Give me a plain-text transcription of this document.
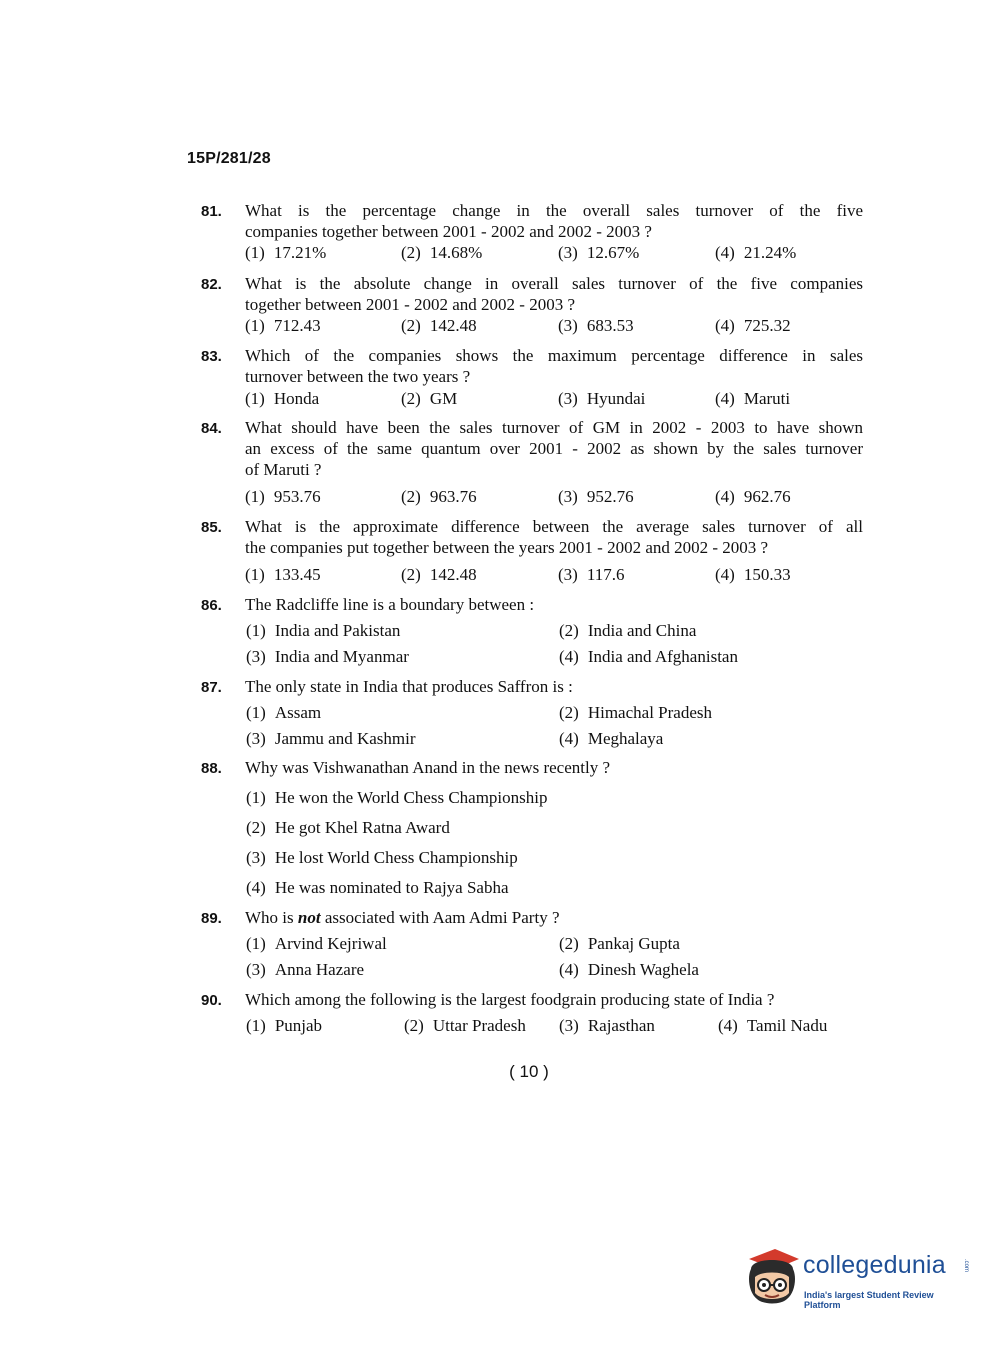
15P/281/28
81.	What is the percentage change in the overall sales turnover of the five
companies together between 2001 - 2002 and 2002 - 2003 ?
(1) 17.21%	(2) 14.68%	(3) 12.67%	(4) 21.24%
82.	What is the absolute change in overall sales turnover of the five companies
together between 2001 - 2002 and 2002 - 2003 ?
(1) 712.43	(2) 142.48	(3) 683.53	(4) 725.32
83.	Which of the companies shows the maximum percentage difference in sales
turnover between the two years ?
(1) Honda	(2) GM	(3) Hyundai	(4) Maruti
84.	What should have been the sales turnover of GM in 2002 - 2003 to have shown
an excess of the same quantum over 2001 - 2002 as shown by the sales turnover
of Maruti ?
(1) 953.76	(2) 963.76	(3) 952.76	(4) 962.76
85.	What is the approximate difference between the average sales turnover of all
the companies put together between the years 2001 - 2002 and 2002 - 2003 ?
(1) 133.45	(2) 142.48	(3) 117.6	(4) 150.33
86.	The Radcliffe line is a boundary between :
(1) India and Pakistan	(2) India and China
(3) India and Myanmar	(4) India and Afghanistan
87.	The only state in India that produces Saffron is :
(1) Assam	(2) Himachal Pradesh
(3) Jammu and Kashmir	(4) Meghalaya
88.	Why was Vishwanathan Anand in the news recently ?
(1) He won the World Chess Championship
(2) He got Khel Ratna Award
(3) He lost World Chess Championship
(4) He was nominated to Rajya Sabha
89.	Who is not associated with Aam Admi Party ?
(1) Arvind Kejriwal	(2) Pankaj Gupta
(3) Anna Hazare	(4) Dinesh Waghela
90.	Which among the following is the largest foodgrain producing state of India ?
(1) Punjab	(2) Uttar Pradesh (3) Rajasthan	(4) Tamil Nadu
( 10 )
collegedunia	.com
India's largest Student Review Platform
